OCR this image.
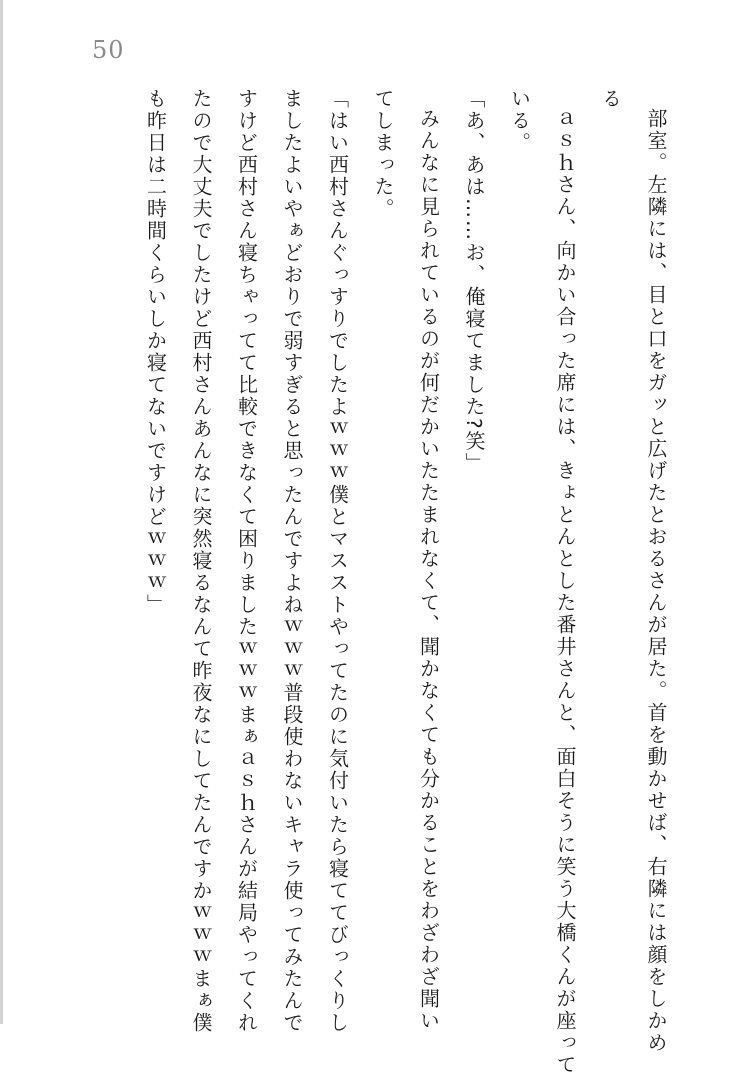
50

部室。左隣には、目と口をガッと広げたとおるさんが居た。首を動かせば、右隣には顔をしかめ

る

ａｓｈさん、向かい合った席には、きょとんとした番井さんと、面白そうに笑う大橋くんが座って

いる。

「あ、あは……お、俺寝てました?笑」

みんなに見られているのが何だかいたたまれなくて、聞かなくても分かることをわざわざ聞い

てしまった。

「はい西村さんぐっすりでしたよｗｗｗ僕とマスストやってたのに気付いたら寝ててびっくりし

ましたよいやぁどおりで弱すぎると思ったんですよねｗｗｗ普段使わないキャラ使ってみたんで

すけど西村さん寝ちゃってて比較できなくて困りましたｗｗｗまぁａｓｈさんが結局やってくれ

たので大丈夫でしたけど西村さんあんなに突然寝るなんて昨夜なにしてたんですかｗｗｗまぁ僕

も昨日は二時間くらいしか寝てないですけどｗｗｗ」
